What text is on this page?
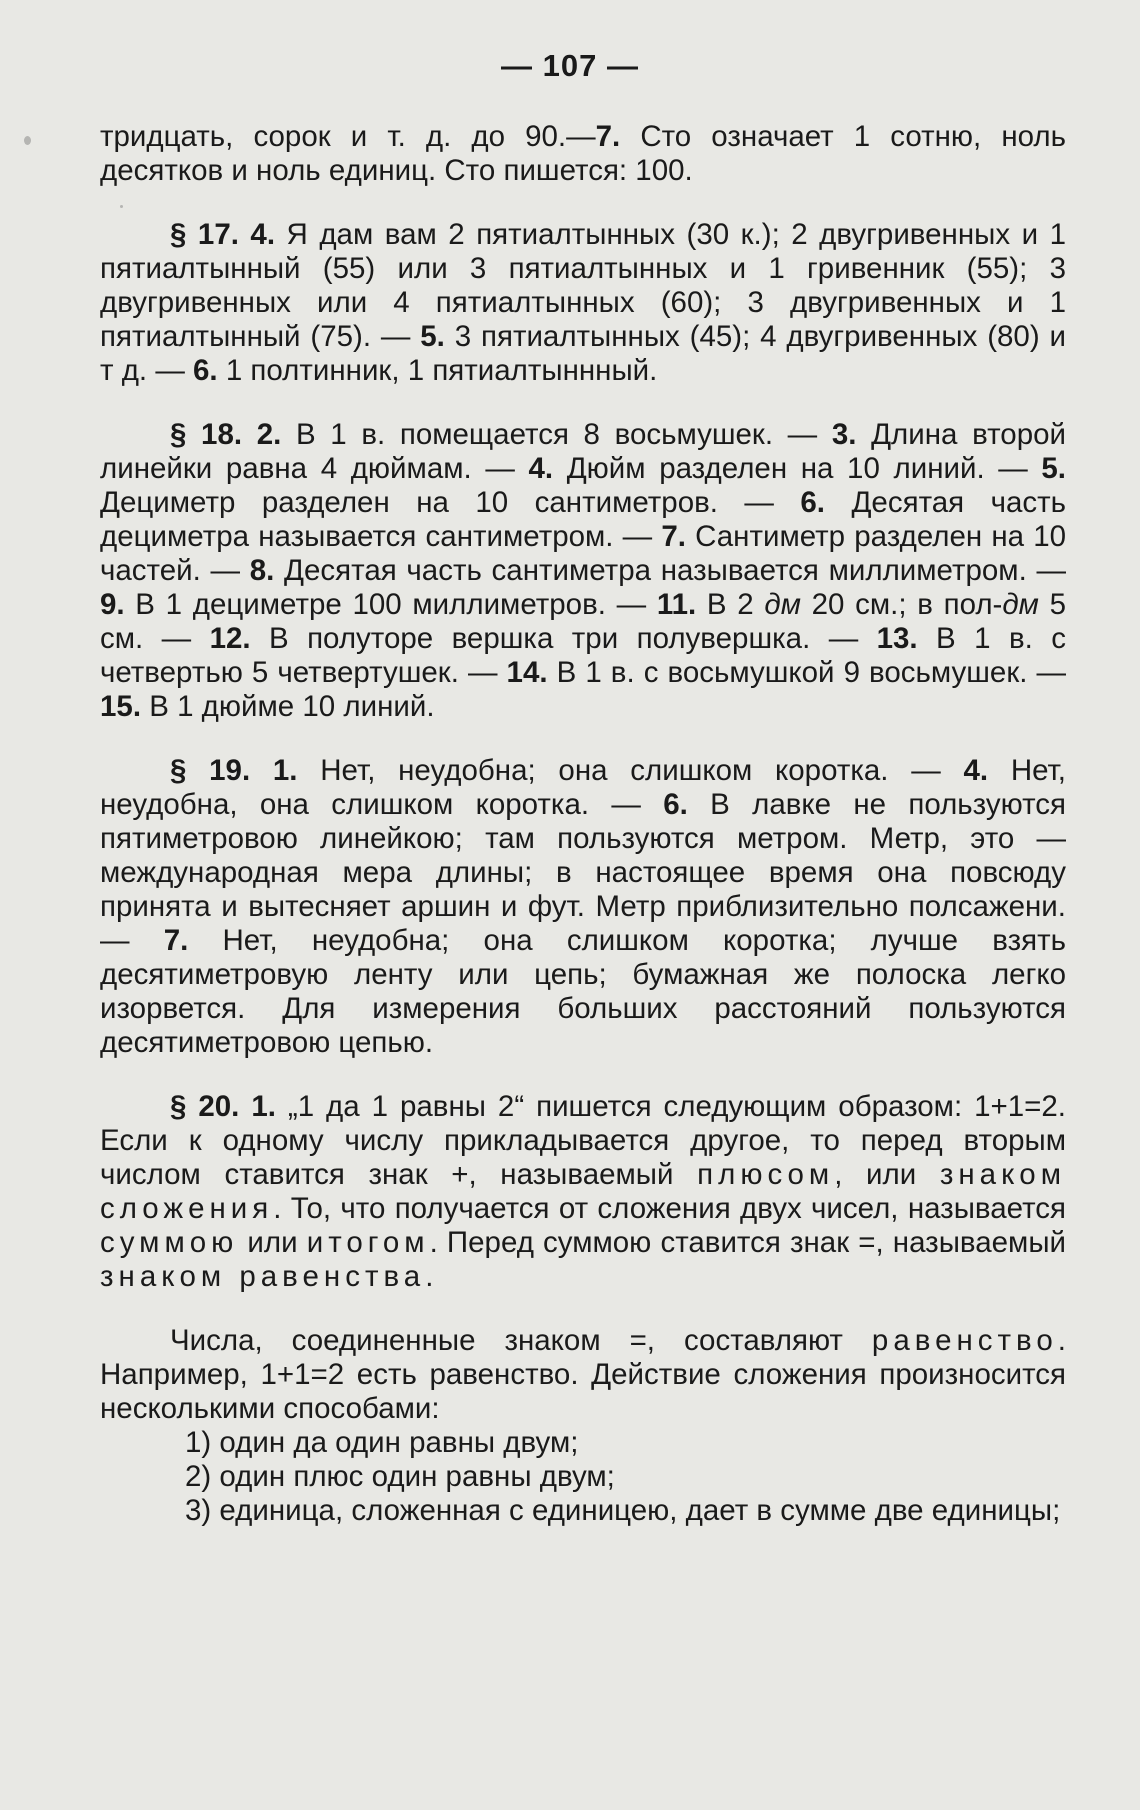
— 107 —

тридцать, сорок и т. д. до 90.—7. Сто означает 1 сотню, ноль десятков и ноль единиц. Сто пишется: 100.

§ 17. 4. Я дам вам 2 пятиалтынных (30 к.); 2 двугривенных и 1 пятиалтынный (55) или 3 пятиалтынных и 1 гривенник (55); 3 двугривенных или 4 пятиалтынных (60); 3 двугривенных и 1 пятиалтынный (75). — 5. 3 пятиалтынных (45); 4 двугривенных (80) и т д. — 6. 1 полтинник, 1 пятиалтыннный.

§ 18. 2. В 1 в. помещается 8 восьмушек. — 3. Длина второй линейки равна 4 дюймам. — 4. Дюйм разделен на 10 линий. — 5. Дециметр разделен на 10 сантиметров. — 6. Десятая часть дециметра называется сантиметром. — 7. Сантиметр разделен на 10 частей. — 8. Десятая часть сантиметра называется миллиметром. — 9. В 1 дециметре 100 миллиметров. — 11. В 2 дм 20 см.; в пол-дм 5 см. — 12. В полуторе вершка три полувершка. — 13. В 1 в. с четвертью 5 четвертушек. — 14. В 1 в. с восьмушкой 9 восьмушек. — 15. В 1 дюйме 10 линий.

§ 19. 1. Нет, неудобна; она слишком коротка. — 4. Нет, неудобна, она слишком коротка. — 6. В лавке не пользуются пятиметровою линейкою; там пользуются метром. Метр, это — международная мера длины; в настоящее время она повсюду принята и вытесняет аршин и фут. Метр приблизительно полсажени. — 7. Нет, неудобна; она слишком коротка; лучше взять десятиметровую ленту или цепь; бумажная же полоска легко изорвется. Для измерения больших расстояний пользуются десятиметровою цепью.

§ 20. 1. „1 да 1 равны 2“ пишется следующим образом: 1+1=2. Если к одному числу прикладывается другое, то перед вторым числом ставится знак +, называемый плюсом, или знаком сложения. То, что получается от сложения двух чисел, называется суммою или итогом. Перед суммою ставится знак =, называемый знаком равенства.

Числа, соединенные знаком =, составляют равенство. Например, 1+1=2 есть равенство. Действие сложения произносится несколькими способами:

1) один да один равны двум;

2) один плюс один равны двум;

3) единица, сложенная с единицею, дает в сумме две единицы;
